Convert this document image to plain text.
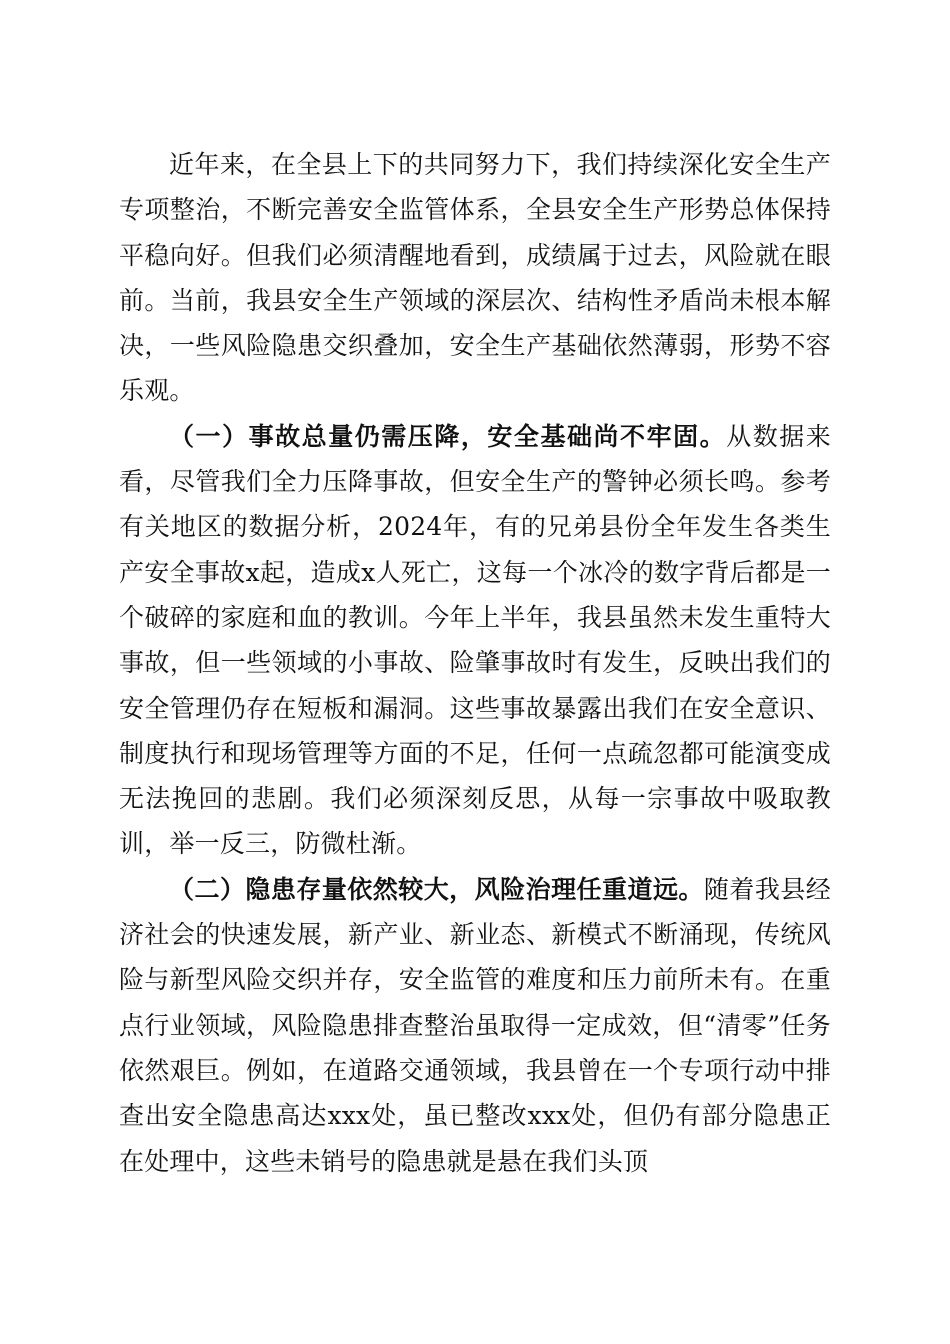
近年来，在全县上下的共同努力下，我们持续深化安全生产专项整治，不断完善安全监管体系，全县安全生产形势总体保持平稳向好。但我们必须清醒地看到，成绩属于过去，风险就在眼前。当前，我县安全生产领域的深层次、结构性矛盾尚未根本解决，一些风险隐患交织叠加，安全生产基础依然薄弱，形势不容乐观。

（一）事故总量仍需压降，安全基础尚不牢固。从数据来看，尽管我们全力压降事故，但安全生产的警钟必须长鸣。参考有关地区的数据分析，2024年，有的兄弟县份全年发生各类生产安全事故x起，造成x人死亡，这每一个冰冷的数字背后都是一个破碎的家庭和血的教训。今年上半年，我县虽然未发生重特大事故，但一些领域的小事故、险肇事故时有发生，反映出我们的安全管理仍存在短板和漏洞。这些事故暴露出我们在安全意识、制度执行和现场管理等方面的不足，任何一点疏忽都可能演变成无法挽回的悲剧。我们必须深刻反思，从每一宗事故中吸取教训，举一反三，防微杜渐。

（二）隐患存量依然较大，风险治理任重道远。随着我县经济社会的快速发展，新产业、新业态、新模式不断涌现，传统风险与新型风险交织并存，安全监管的难度和压力前所未有。在重点行业领域，风险隐患排查整治虽取得一定成效，但“清零”任务依然艰巨。例如，在道路交通领域，我县曾在一个专项行动中排查出安全隐患高达xxx处，虽已整改xxx处，但仍有部分隐患正在处理中，这些未销号的隐患就是悬在我们头顶
